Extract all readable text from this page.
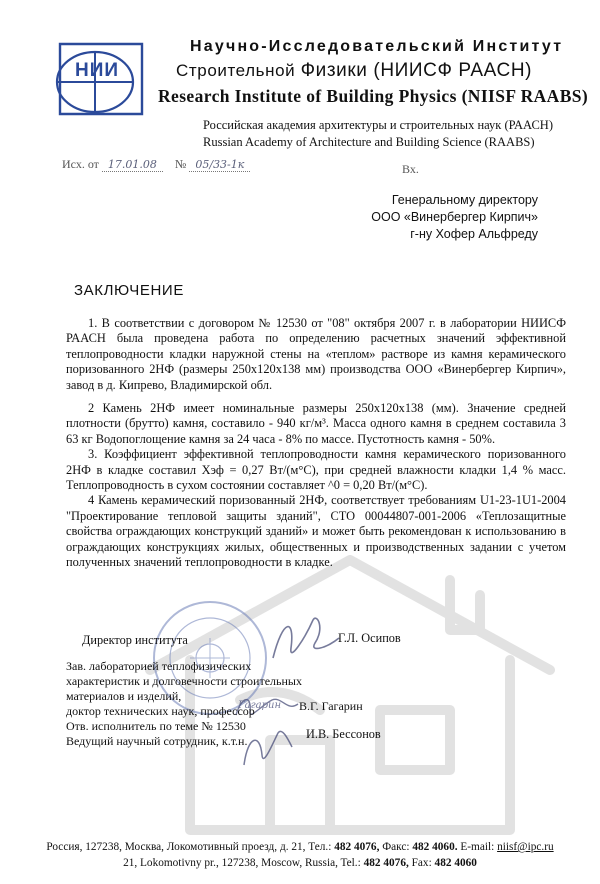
НИИ
Научно-Исследовательский Институт
Строительной Физики (НИИСФ РААСН)
Research Institute of Building Physics (NIISF RAABS)
Российская академия архитектуры и строительных наук (РААСН)
Russian Academy of Architecture and Building Science (RAABS)
Исх. от 17.01.08 № 05/33-1к	Вх.
Генеральному директору
ООО «Винербергер Кирпич»
г-ну Хофер Альфреду
ЗАКЛЮЧЕНИЕ

1. В соответствии с договором № 12530 от "08" октября 2007 г. в лаборатории НИИСФ РААСН была проведена работа по определению расчетных значений эффективной теплопроводности кладки наружной стены на «теплом» растворе из камня керамического поризованного 2НФ (размеры 250x120x138 мм) производства ООО «Винербергер Кирпич», завод в д. Кипрево, Владимирской обл.

2 Камень 2НФ имеет номинальные размеры 250x120x138 (мм). Значение средней плотности (брутто) камня, составило - 940 кг/м³. Масса одного камня в среднем составила 3 63 кг Водопоглощение камня за 24 часа - 8% по массе. Пустотность камня - 50%.

3. Коэффициент эффективной теплопроводности камня керамического поризованного 2НФ в кладке составил Xэф = 0,27 Вт/(м°С), при средней влажности кладки 1,4 % масс. Теплопроводность в сухом состоянии составляет ^0 = 0,20 Вт/(м°С).

4 Камень керамический поризованный 2НФ, соответствует требованиям U1-23-1U1-2004 "Проектирование тепловой защиты зданий", СТО 00044807-001-2006 «Теплозащитные свойства ограждающих конструкций зданий» и может быть рекомендован к использованию в ограждающих конструкциях жилых, общественных и производственных задании с учетом полученных значений теплопроводности в кладке.

Гагарин
Директор института	Г.Л. Осипов
Зав. лабораторией теплофизических
характеристик и долговечности строительных
материалов и изделий,
доктор технических наук, профессор
Отв. исполнитель по теме № 12530
Ведущий научный сотрудник, к.т.н.
В.Г. Гагарин
И.В. Бессонов
Россия, 127238, Москва, Локомотивный проезд, д. 21, Тел.: 482 4076, Факс: 482 4060. E-mail: niisf@ipc.ru
21, Lokomotivny pr., 127238, Moscow, Russia, Tel.: 482 4076, Fax: 482 4060
